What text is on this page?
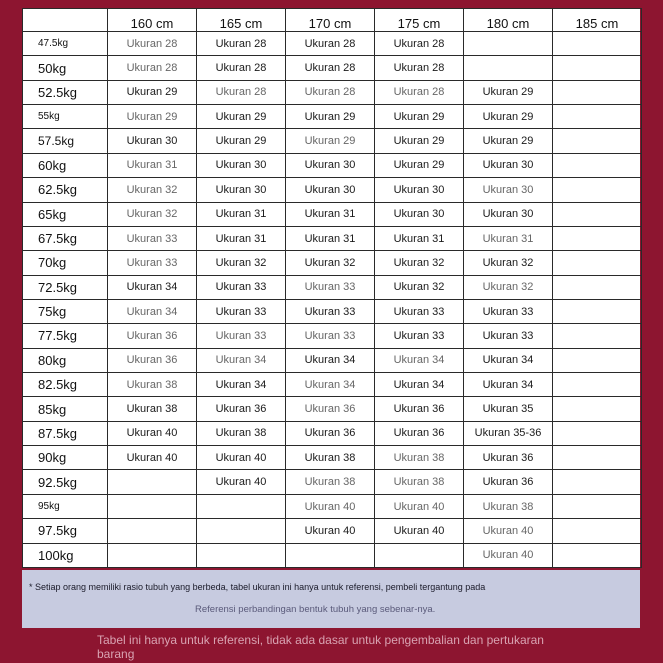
	160 cm	165 cm	170 cm	175 cm	180 cm	185 cm
47.5kg	Ukuran 28	Ukuran 28	Ukuran 28	Ukuran 28		
50kg	Ukuran 28	Ukuran 28	Ukuran 28	Ukuran 28		
52.5kg	Ukuran 29	Ukuran 28	Ukuran 28	Ukuran 28	Ukuran 29	
55kg	Ukuran 29	Ukuran 29	Ukuran 29	Ukuran 29	Ukuran 29	
57.5kg	Ukuran 30	Ukuran 29	Ukuran 29	Ukuran 29	Ukuran 29	
60kg	Ukuran 31	Ukuran 30	Ukuran 30	Ukuran 29	Ukuran 30	
62.5kg	Ukuran 32	Ukuran 30	Ukuran 30	Ukuran 30	Ukuran 30	
65kg	Ukuran 32	Ukuran 31	Ukuran 31	Ukuran 30	Ukuran 30	
67.5kg	Ukuran 33	Ukuran 31	Ukuran 31	Ukuran 31	Ukuran 31	
70kg	Ukuran 33	Ukuran 32	Ukuran 32	Ukuran 32	Ukuran 32	
72.5kg	Ukuran 34	Ukuran 33	Ukuran 33	Ukuran 32	Ukuran 32	
75kg	Ukuran 34	Ukuran 33	Ukuran 33	Ukuran 33	Ukuran 33	
77.5kg	Ukuran 36	Ukuran 33	Ukuran 33	Ukuran 33	Ukuran 33	
80kg	Ukuran 36	Ukuran 34	Ukuran 34	Ukuran 34	Ukuran 34	
82.5kg	Ukuran 38	Ukuran 34	Ukuran 34	Ukuran 34	Ukuran 34	
85kg	Ukuran 38	Ukuran 36	Ukuran 36	Ukuran 36	Ukuran 35	
87.5kg	Ukuran 40	Ukuran 38	Ukuran 36	Ukuran 36	Ukuran 35-36	
90kg	Ukuran 40	Ukuran 40	Ukuran 38	Ukuran 38	Ukuran 36	
92.5kg		Ukuran 40	Ukuran 38	Ukuran 38	Ukuran 36	
95kg			Ukuran 40	Ukuran 40	Ukuran 38	
97.5kg			Ukuran 40	Ukuran 40	Ukuran 40	
100kg					Ukuran 40	
* Setiap orang memiliki rasio tubuh yang berbeda, tabel ukuran ini hanya untuk referensi, pembeli tergantung pada
Referensi perbandingan bentuk tubuh yang sebenar-nya.
Tabel ini hanya untuk referensi, tidak ada dasar untuk pengembalian dan pertukaran barang
